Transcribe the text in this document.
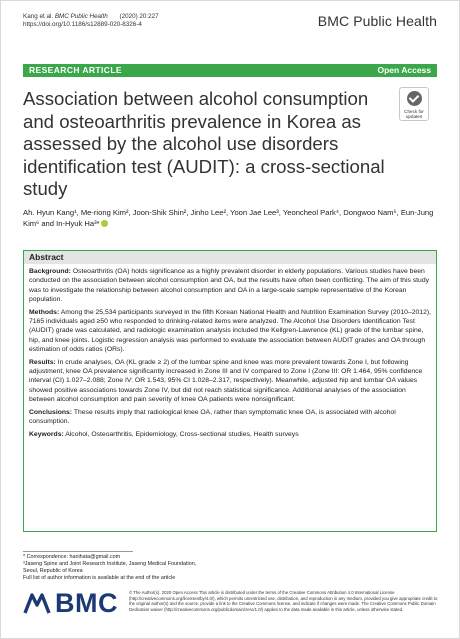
Kang et al. BMC Public Health (2020) 20:227
https://doi.org/10.1186/s12889-020-8326-4	BMC Public Health
RESEARCH ARTICLE	Open Access
Association between alcohol consumption and osteoarthritis prevalence in Korea as assessed by the alcohol use disorders identification test (AUDIT): a cross-sectional study
Check for
updates
Ah. Hyun Kang¹, Me-riong Kim², Joon-Shik Shin², Jinho Lee², Yoon Jae Lee³, Yeoncheol Park⁴, Dongwoo Nam⁵, Eun-Jung Kim⁶ and In-Hyuk Ha³*
Abstract

Background: Osteoarthritis (OA) holds significance as a highly prevalent disorder in elderly populations. Various studies have been conducted on the association between alcohol consumption and OA, but the results have often been conflicting. The aim of this study was to investigate the relationship between alcohol consumption and OA in a large-scale sample representative of the Korean population.

Methods: Among the 25,534 participants surveyed in the fifth Korean National Health and Nutrition Examination Survey (2010–2012), 7165 individuals aged ≥50 who responded to drinking-related items were analyzed. The Alcohol Use Disorders Identification Test (AUDIT) grade was calculated, and radiologic examination analysis included the Kellgren-Lawrence (KL) grade of the lumbar spine, hip, and knee joints. Logistic regression analysis was performed to evaluate the association between AUDIT grades and OA through estimation of odds ratios (ORs).

Results: In crude analyses, OA (KL grade ≥ 2) of the lumbar spine and knee was more prevalent towards Zone I, but following adjustment, knee OA prevalence significantly increased in Zone III and IV compared to Zone I (Zone III: OR 1.464, 95% confidence interval (CI) 1.027–2.088; Zone IV: OR 1.543, 95% CI 1.028–2.317, respectively). Meanwhile, adjusted hip and lumbar OA values showed positive associations towards Zone IV, but did not reach statistical significance. Additional analyses of the association between alcohol consumption and pain severity of knee OA patients were nonsignificant.

Conclusions: These results imply that radiological knee OA, rather than symptomatic knee OA, is associated with alcohol consumption.

Keywords: Alcohol, Osteoarthritis, Epidemiology, Cross-sectional studies, Health surveys

* Correspondence: hanihata@gmail.com
³Jaseng Spine and Joint Research Institute, Jaseng Medical Foundation,
Seoul, Republic of Korea
Full list of author information is available at the end of the article
BMC	© The Author(s). 2020 Open Access This article is distributed under the terms of the Creative Commons Attribution 4.0 International License (http://creativecommons.org/licenses/by/4.0/), which permits unrestricted use, distribution, and reproduction in any medium, provided you give appropriate credit to the original author(s) and the source, provide a link to the Creative Commons license, and indicate if changes were made. The Creative Commons Public Domain Dedication waiver (http://creativecommons.org/publicdomain/zero/1.0/) applies to the data made available in this article, unless otherwise stated.
